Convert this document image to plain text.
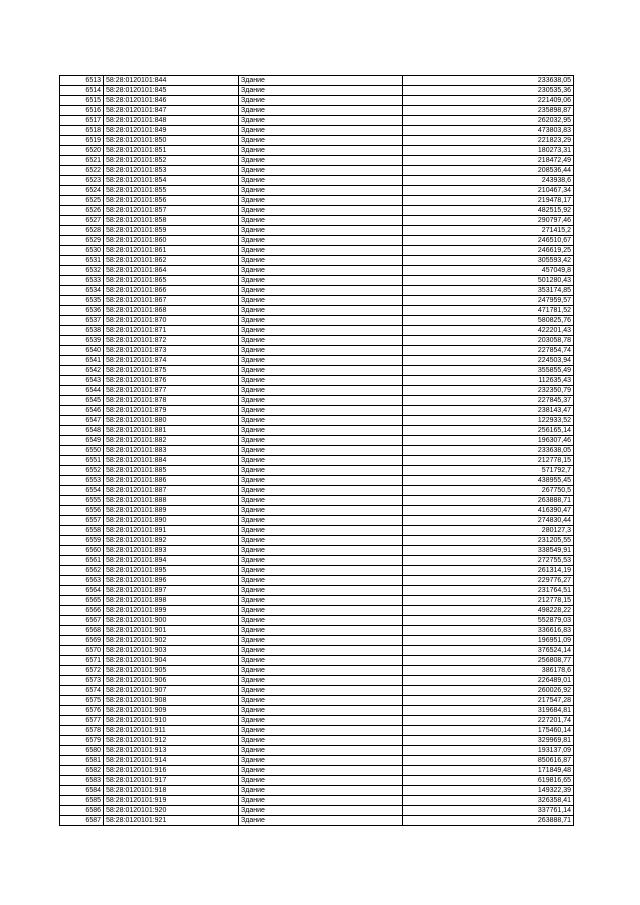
6513	58:28:0120101:844	Здание	233638,05
6514	58:28:0120101:845	Здание	230535,36
6515	58:28:0120101:846	Здание	221409,06
6516	58:28:0120101:847	Здание	235898,87
6517	58:28:0120101:848	Здание	262032,95
6518	58:28:0120101:849	Здание	473803,83
6519	58:28:0120101:850	Здание	221823,29
6520	58:28:0120101:851	Здание	180273,31
6521	58:28:0120101:852	Здание	218472,49
6522	58:28:0120101:853	Здание	208536,44
6523	58:28:0120101:854	Здание	243938,6
6524	58:28:0120101:855	Здание	210467,34
6525	58:28:0120101:856	Здание	219478,17
6526	58:28:0120101:857	Здание	482515,92
6527	58:28:0120101:858	Здание	290797,46
6528	58:28:0120101:859	Здание	271415,2
6529	58:28:0120101:860	Здание	246510,67
6530	58:28:0120101:861	Здание	246619,25
6531	58:28:0120101:862	Здание	305593,42
6532	58:28:0120101:864	Здание	457049,8
6533	58:28:0120101:865	Здание	501280,43
6534	58:28:0120101:866	Здание	353174,85
6535	58:28:0120101:867	Здание	247959,57
6536	58:28:0120101:868	Здание	471781,52
6537	58:28:0120101:870	Здание	580825,76
6538	58:28:0120101:871	Здание	422201,43
6539	58:28:0120101:872	Здание	203058,78
6540	58:28:0120101:873	Здание	227854,74
6541	58:28:0120101:874	Здание	224503,94
6542	58:28:0120101:875	Здание	355855,49
6543	58:28:0120101:876	Здание	112635,43
6544	58:28:0120101:877	Здание	232350,79
6545	58:28:0120101:878	Здание	227845,37
6546	58:28:0120101:879	Здание	238143,47
6547	58:28:0120101:880	Здание	122933,52
6548	58:28:0120101:881	Здание	256165,14
6549	58:28:0120101:882	Здание	196307,46
6550	58:28:0120101:883	Здание	233638,05
6551	58:28:0120101:884	Здание	212778,15
6552	58:28:0120101:885	Здание	571792,7
6553	58:28:0120101:886	Здание	438955,45
6554	58:28:0120101:887	Здание	267750,5
6555	58:28:0120101:888	Здание	263888,71
6556	58:28:0120101:889	Здание	416390,47
6557	58:28:0120101:890	Здание	274830,44
6558	58:28:0120101:891	Здание	280127,3
6559	58:28:0120101:892	Здание	231205,55
6560	58:28:0120101:893	Здание	338549,91
6561	58:28:0120101:894	Здание	272755,53
6562	58:28:0120101:895	Здание	261314,19
6563	58:28:0120101:896	Здание	229776,27
6564	58:28:0120101:897	Здание	231764,51
6565	58:28:0120101:898	Здание	212778,15
6566	58:28:0120101:899	Здание	498228,22
6567	58:28:0120101:900	Здание	552879,03
6568	58:28:0120101:901	Здание	336616,83
6569	58:28:0120101:902	Здание	196951,09
6570	58:28:0120101:903	Здание	376524,14
6571	58:28:0120101:904	Здание	256808,77
6572	58:28:0120101:905	Здание	386178,6
6573	58:28:0120101:906	Здание	226489,01
6574	58:28:0120101:907	Здание	260026,92
6575	58:28:0120101:908	Здание	217547,28
6576	58:28:0120101:909	Здание	319684,81
6577	58:28:0120101:910	Здание	227201,74
6578	58:28:0120101:911	Здание	175460,14
6579	58:28:0120101:912	Здание	329969,81
6580	58:28:0120101:913	Здание	193137,09
6581	58:28:0120101:914	Здание	850616,87
6582	58:28:0120101:916	Здание	171849,48
6583	58:28:0120101:917	Здание	619816,65
6584	58:28:0120101:918	Здание	149322,39
6585	58:28:0120101:919	Здание	326358,41
6586	58:28:0120101:920	Здание	337761,14
6587	58:28:0120101:921	Здание	263888,71
